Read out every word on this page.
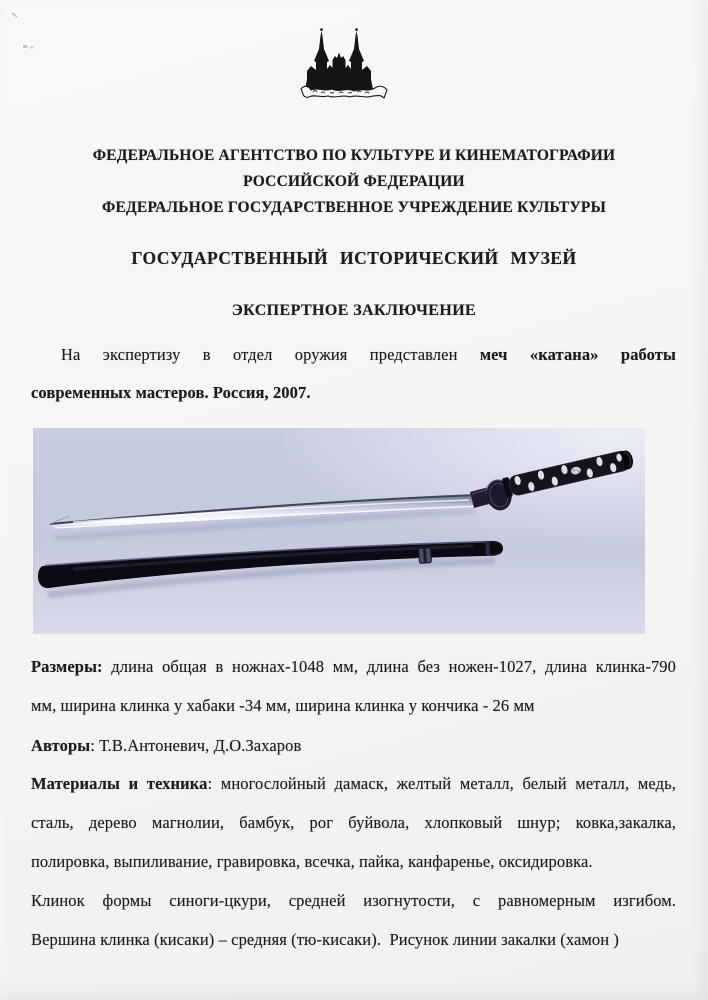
ФЕДЕРАЛЬНОЕ АГЕНТСТВО ПО КУЛЬТУРЕ И КИНЕМАТОГРАФИИ
РОССИЙСКОЙ ФЕДЕРАЦИИ
ФЕДЕРАЛЬНОЕ ГОСУДАРСТВЕННОЕ УЧРЕЖДЕНИЕ КУЛЬТУРЫ
ГОСУДАРСТВЕННЫЙ ИСТОРИЧЕСКИЙ МУЗЕЙ
ЭКСПЕРТНОЕ ЗАКЛЮЧЕНИЕ
На экспертизу в отдел оружия представлен меч «катана» работы
современных мастеров. Россия, 2007.
Размеры: длина общая в ножнах-1048 мм, длина без ножен-1027, длина клинка-790
мм, ширина клинка у хабаки -34 мм, ширина клинка у кончика - 26 мм
Авторы: Т.В.Антоневич, Д.О.Захаров
Материалы и техника: многослойный дамаск, желтый металл, белый металл, медь,
сталь, дерево магнолии, бамбук, рог буйвола, хлопковый шнур; ковка,закалка,
полировка, выпиливание, гравировка, всечка, пайка, канфаренье, оксидировка.
Клинок формы синоги-цкури, средней изогнутости, с равномерным изгибом.
Вершина клинка (кисаки) – средняя (тю-кисаки).  Рисунок линии закалки (хамон )
